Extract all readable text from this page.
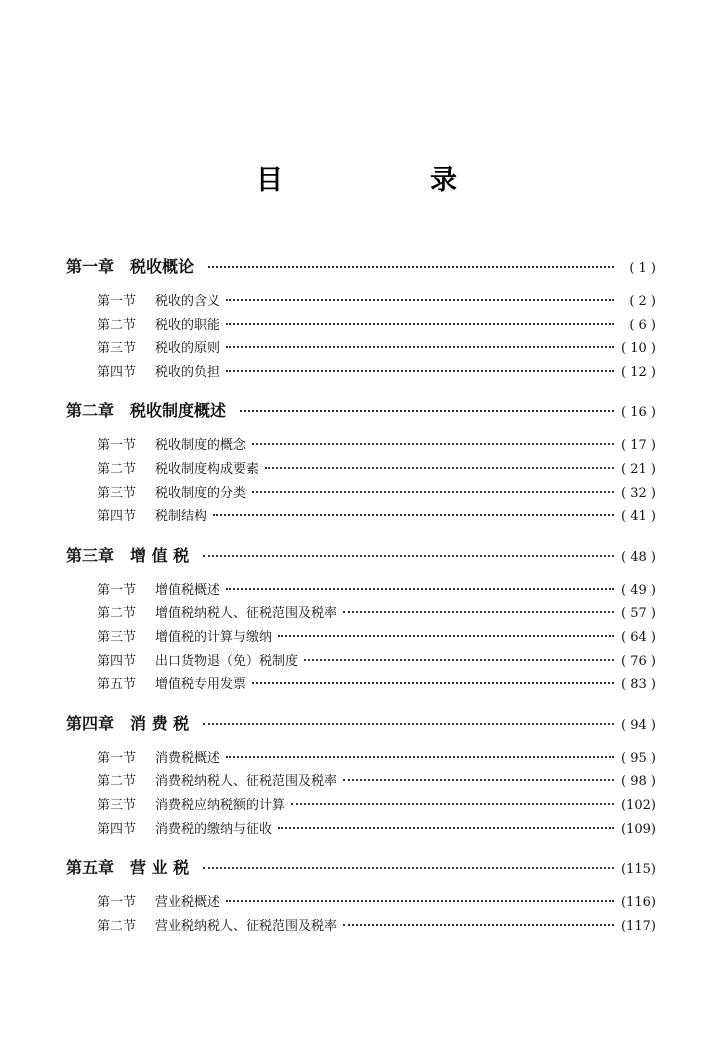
目　录
第一章 税收概论	( 1 )
第一节	税收的含义	( 2 )
第二节	税收的职能	( 6 )
第三节	税收的原则	( 10 )
第四节	税收的负担	( 12 )
第二章 税收制度概述	( 16 )
第一节	税收制度的概念	( 17 )
第二节	税收制度构成要素	( 21 )
第三节	税收制度的分类	( 32 )
第四节	税制结构	( 41 )
第三章 增 值 税	( 48 )
第一节	增值税概述	( 49 )
第二节	增值税纳税人、征税范围及税率	( 57 )
第三节	增值税的计算与缴纳	( 64 )
第四节	出口货物退（免）税制度	( 76 )
第五节	增值税专用发票	( 83 )
第四章 消 费 税	( 94 )
第一节	消费税概述	( 95 )
第二节	消费税纳税人、征税范围及税率	( 98 )
第三节	消费税应纳税额的计算	(102)
第四节	消费税的缴纳与征收	(109)
第五章 营 业 税	(115)
第一节	营业税概述	(116)
第二节	营业税纳税人、征税范围及税率	(117)
